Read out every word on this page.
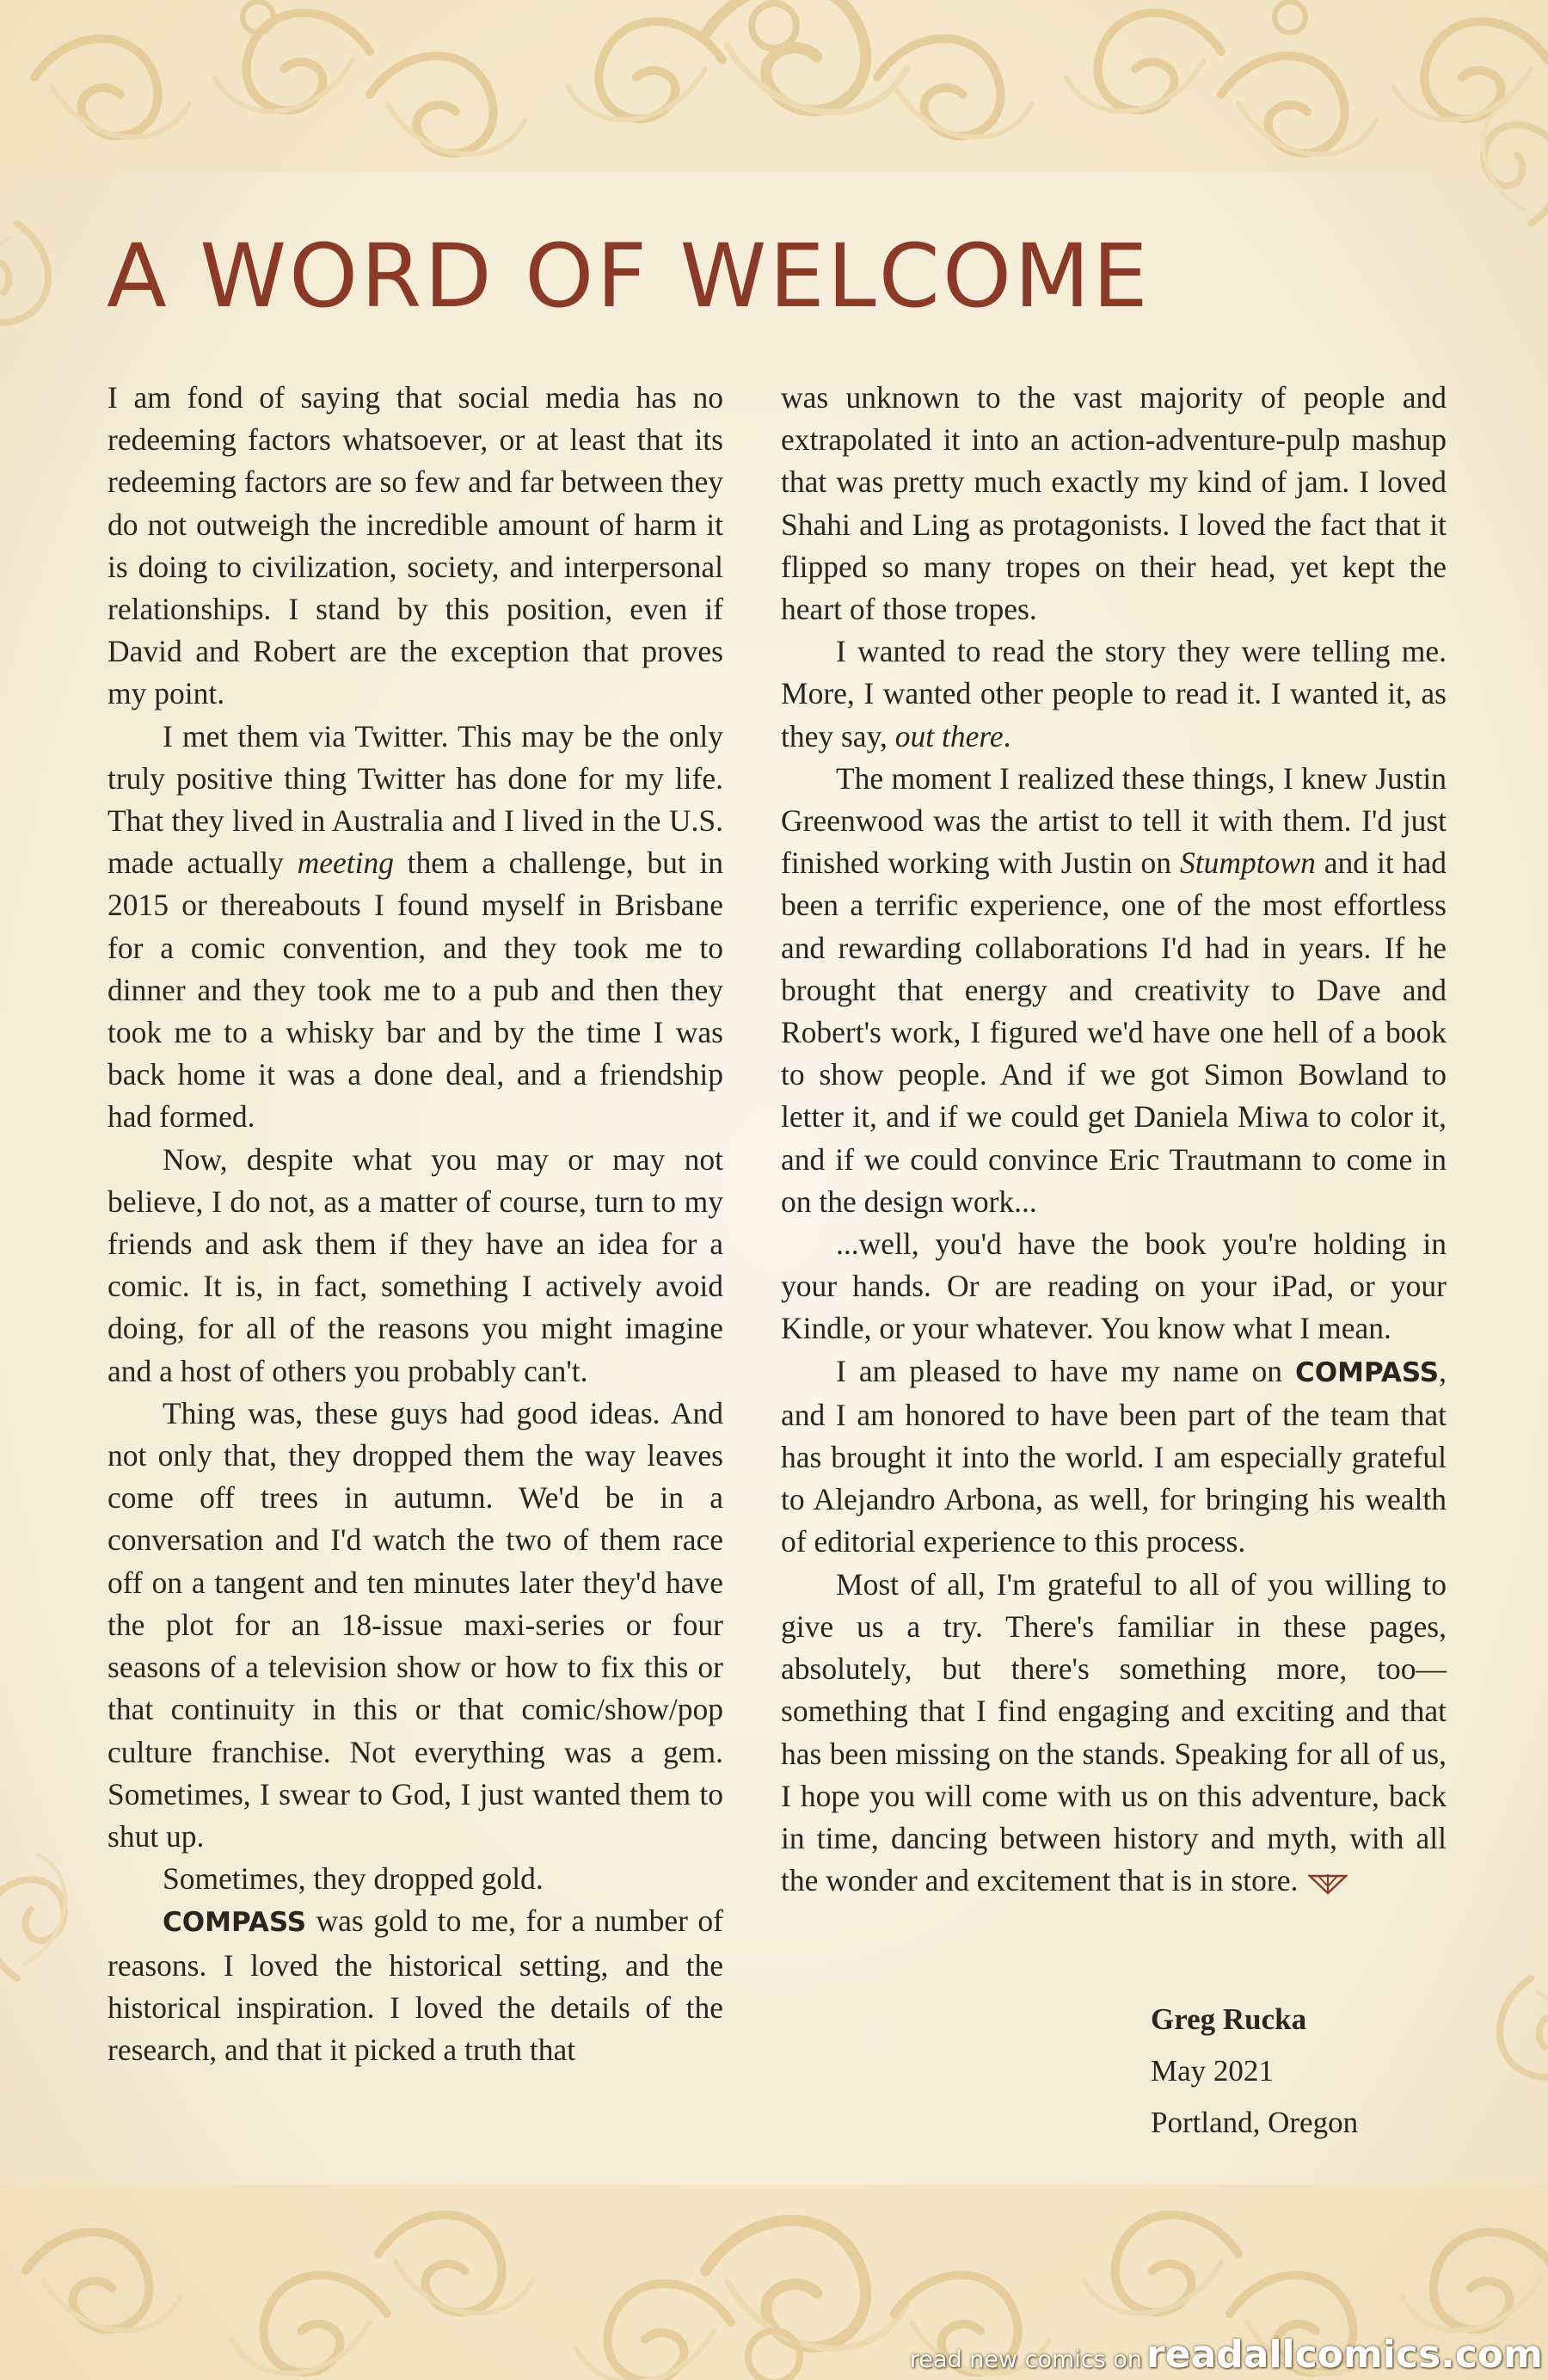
A WORD OF WELCOME

I am fond of saying that social media has no redeeming factors whatsoever, or at least that its redeeming factors are so few and far between they do not outweigh the incredible amount of harm it is doing to civilization, society, and interpersonal relationships. I stand by this position, even if David and Robert are the exception that proves my point.

I met them via Twitter. This may be the only truly positive thing Twitter has done for my life. That they lived in Australia and I lived in the U.S. made actually meeting them a challenge, but in 2015 or thereabouts I found myself in Brisbane for a comic convention, and they took me to dinner and they took me to a pub and then they took me to a whisky bar and by the time I was back home it was a done deal, and a friendship had formed.

Now, despite what you may or may not believe, I do not, as a matter of course, turn to my friends and ask them if they have an idea for a comic. It is, in fact, something I actively avoid doing, for all of the reasons you might imagine and a host of others you probably can't.

Thing was, these guys had good ideas. And not only that, they dropped them the way leaves come off trees in autumn. We'd be in a conversation and I'd watch the two of them race off on a tangent and ten minutes later they'd have the plot for an 18-issue maxi-series or four seasons of a television show or how to fix this or that continuity in this or that comic/show/pop culture franchise. Not everything was a gem. Sometimes, I swear to God, I just wanted them to shut up.

Sometimes, they dropped gold.

COMPASS was gold to me, for a number of reasons. I loved the historical setting, and the historical inspiration. I loved the details of the research, and that it picked a truth that

was unknown to the vast majority of people and extrapolated it into an action-adventure-pulp mashup that was pretty much exactly my kind of jam. I loved Shahi and Ling as protagonists. I loved the fact that it flipped so many tropes on their head, yet kept the heart of those tropes.

I wanted to read the story they were telling me. More, I wanted other people to read it. I wanted it, as they say, out there.

The moment I realized these things, I knew Justin Greenwood was the artist to tell it with them. I'd just finished working with Justin on Stumptown and it had been a terrific experience, one of the most effortless and rewarding collaborations I'd had in years. If he brought that energy and creativity to Dave and Robert's work, I figured we'd have one hell of a book to show people. And if we got Simon Bowland to letter it, and if we could get Daniela Miwa to color it, and if we could convince Eric Trautmann to come in on the design work...

...well, you'd have the book you're holding in your hands. Or are reading on your iPad, or your Kindle, or your whatever. You know what I mean.

I am pleased to have my name on COMPASS, and I am honored to have been part of the team that has brought it into the world. I am especially grateful to Alejandro Arbona, as well, for bringing his wealth of editorial experience to this process.

Most of all, I'm grateful to all of you willing to give us a try. There's familiar in these pages, absolutely, but there's something more, too—something that I find engaging and exciting and that has been missing on the stands. Speaking for all of us, I hope you will come with us on this adventure, back in time, dancing between history and myth, with all the wonder and excitement that is in store.

Greg Rucka
May 2021
Portland, Oregon
read new comics on readallcomics.com
